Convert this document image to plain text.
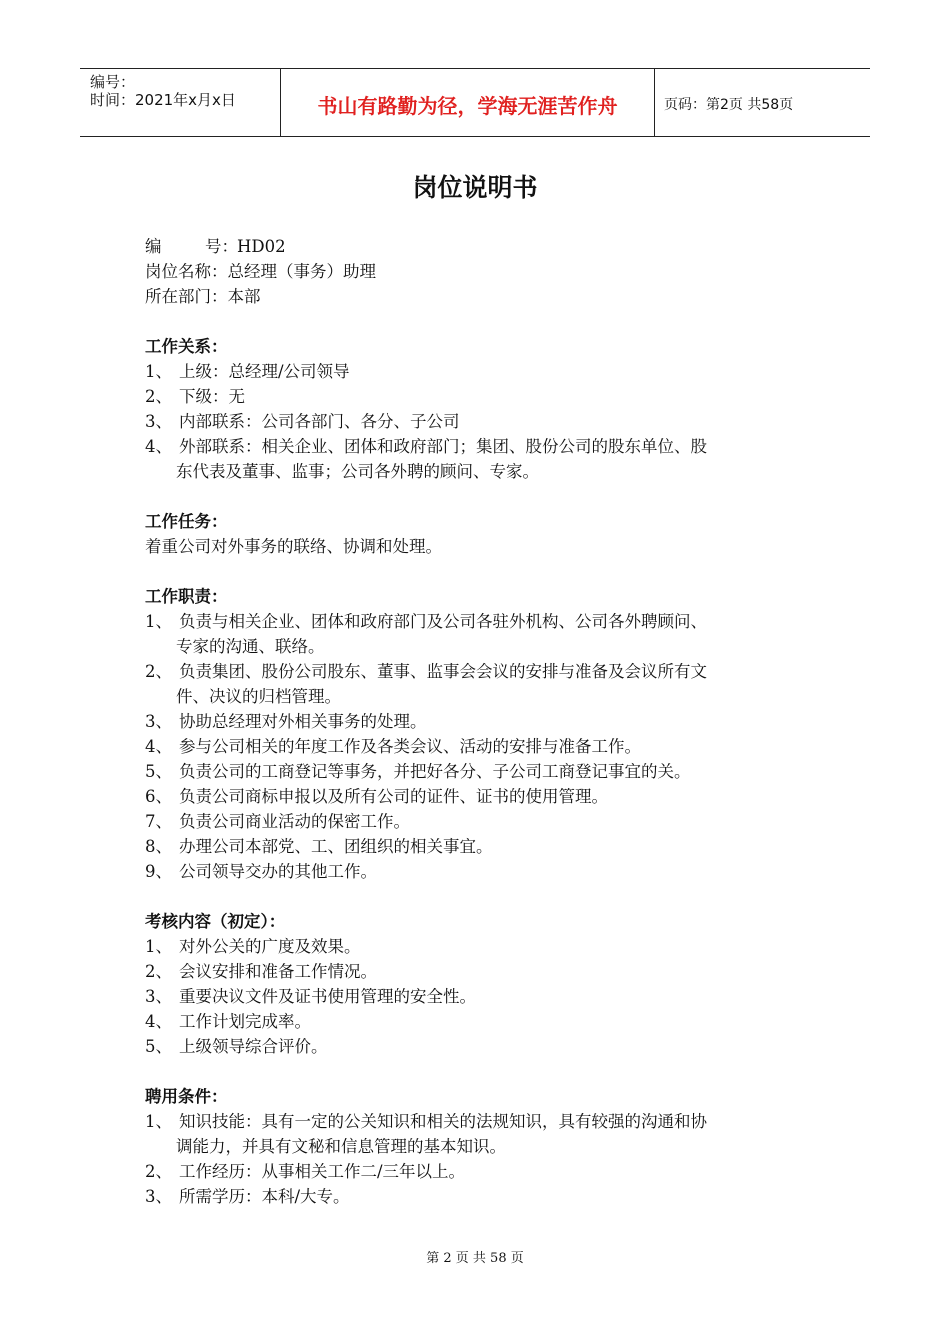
编号：
时间：2021年x月x日	书山有路勤为径，学海无涯苦作舟	页码：第2页 共58页
岗位说明书
编	号：HD02
岗位名称：总经理（事务）助理
所在部门：本部
工作关系：
1、 上级：总经理/公司领导
2、 下级：无
3、 内部联系：公司各部门、各分、子公司
4、 外部联系：相关企业、团体和政府部门；集团、股份公司的股东单位、股
东代表及董事、监事；公司各外聘的顾问、专家。
工作任务：
着重公司对外事务的联络、协调和处理。
工作职责：
1、 负责与相关企业、团体和政府部门及公司各驻外机构、公司各外聘顾问、
专家的沟通、联络。
2、 负责集团、股份公司股东、董事、监事会会议的安排与准备及会议所有文
件、决议的归档管理。
3、 协助总经理对外相关事务的处理。
4、 参与公司相关的年度工作及各类会议、活动的安排与准备工作。
5、 负责公司的工商登记等事务，并把好各分、子公司工商登记事宜的关。
6、 负责公司商标申报以及所有公司的证件、证书的使用管理。
7、 负责公司商业活动的保密工作。
8、 办理公司本部党、工、团组织的相关事宜。
9、 公司领导交办的其他工作。
考核内容（初定）：
1、 对外公关的广度及效果。
2、 会议安排和准备工作情况。
3、 重要决议文件及证书使用管理的安全性。
4、 工作计划完成率。
5、 上级领导综合评价。
聘用条件：
1、 知识技能：具有一定的公关知识和相关的法规知识，具有较强的沟通和协
调能力，并具有文秘和信息管理的基本知识。
2、 工作经历：从事相关工作二/三年以上。
3、 所需学历：本科/大专。
第 2 页 共 58 页
